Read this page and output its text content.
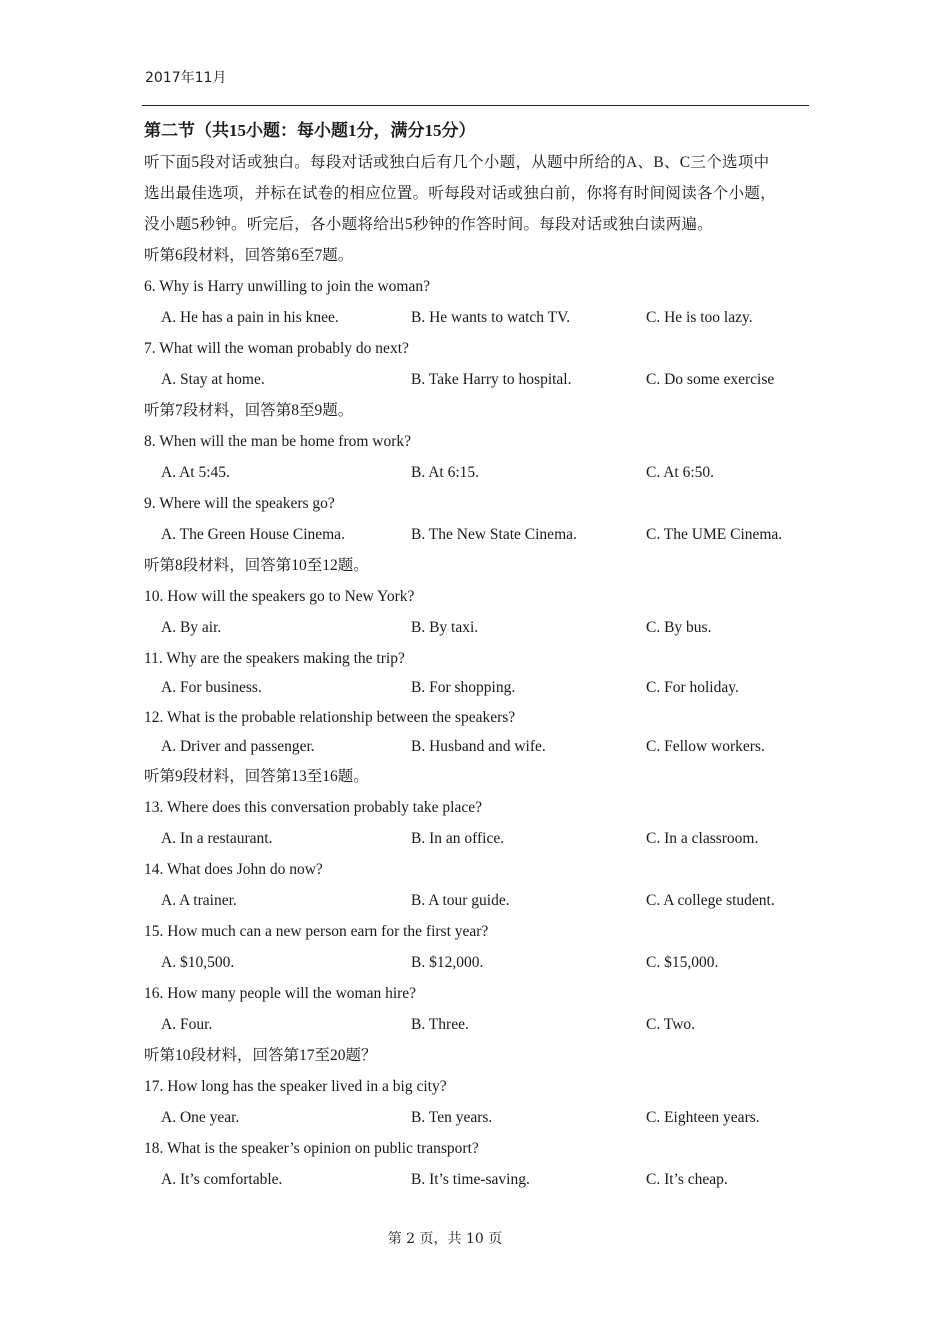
2017年11月
第二节（共15小题：每小题1分，满分15分）
听下面5段对话或独白。每段对话或独白后有几个小题，从题中所给的A、B、C三个选项中
选出最佳选项，并标在试卷的相应位置。听每段对话或独白前，你将有时间阅读各个小题，
没小题5秒钟。听完后，各小题将给出5秒钟的作答时间。每段对话或独白读两遍。
听第6段材料，回答第6至7题。
6. Why is Harry unwilling to join the woman?
A. He has a pain in his knee.	B. He wants to watch TV.	C. He is too lazy.
7. What will the woman probably do next?
A. Stay at home.	B. Take Harry to hospital.	C. Do some exercise
听第7段材料，回答第8至9题。
8. When will the man be home from work?
A. At 5:45.	B. At 6:15.	C. At 6:50.
9. Where will the speakers go?
A. The Green House Cinema.	B. The New State Cinema.	C. The UME Cinema.
听第8段材料，回答第10至12题。
10. How will the speakers go to New York?
A. By air.	B. By taxi.	C. By bus.
11. Why are the speakers making the trip?
A. For business.	B. For shopping.	C. For holiday.
12. What is the probable relationship between the speakers?
A. Driver and passenger.	B. Husband and wife.	C. Fellow workers.
听第9段材料，回答第13至16题。
13. Where does this conversation probably take place?
A. In a restaurant.	B. In an office.	C. In a classroom.
14. What does John do now?
A. A trainer.	B. A tour guide.	C. A college student.
15. How much can a new person earn for the first year?
A. $10,500.	B. $12,000.	C. $15,000.
16. How many people will the woman hire?
A. Four.	B. Three.	C. Two.
听第10段材料，回答第17至20题？
17. How long has the speaker lived in a big city?
A. One year.	B. Ten years.	C. Eighteen years.
18. What is the speaker’s opinion on public transport?
A. It’s comfortable.	B. It’s time-saving.	C. It’s cheap.
第 2 页，共 10 页
